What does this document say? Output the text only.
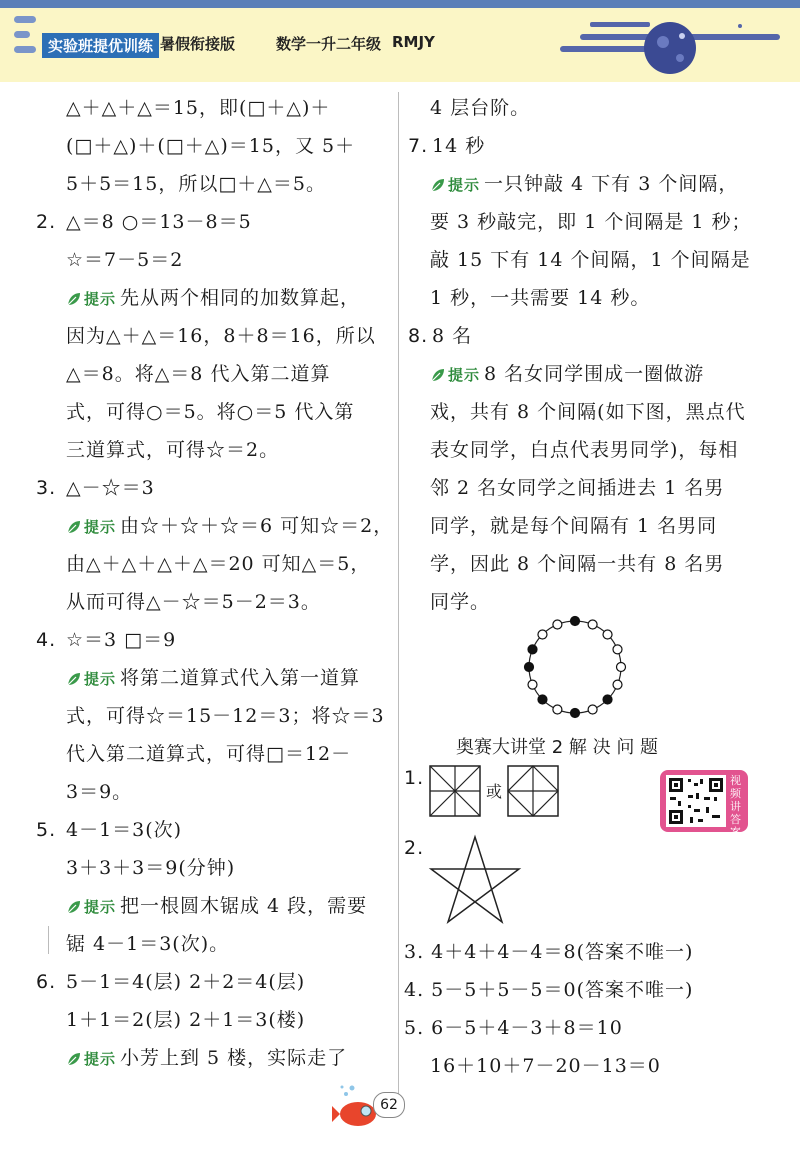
实验班提优训练 暑假衔接版	数学一升二年级 RMJY
△＋△＋△＝15，即(□＋△)＋
(□＋△)＋(□＋△)＝15，又 5＋
5＋5＝15，所以□＋△＝5。
2. △＝8 ○＝13－8＝5
☆＝7－5＝2
提示 先从两个相同的加数算起，
因为△＋△＝16，8＋8＝16，所以
△＝8。将△＝8 代入第二道算
式，可得○＝5。将○＝5 代入第
三道算式，可得☆＝2。
3. △－☆＝3
提示 由☆＋☆＋☆＝6 可知☆＝2，
由△＋△＋△＋△＝20 可知△＝5，
从而可得△－☆＝5－2＝3。
4. ☆＝3 □＝9
提示 将第二道算式代入第一道算
式，可得☆＝15－12＝3；将☆＝3
代入第二道算式，可得□＝12－
3＝9。
5. 4－1＝3(次)
3＋3＋3＝9(分钟)
提示 把一根圆木锯成 4 段，需要
锯 4－1＝3(次)。
6. 5－1＝4(层) 2＋2＝4(层)
1＋1＝2(层) 2＋1＝3(楼)
提示 小芳上到 5 楼，实际走了
4 层台阶。
7. 14 秒
提示 一只钟敲 4 下有 3 个间隔，
要 3 秒敲完，即 1 个间隔是 1 秒；
敲 15 下有 14 个间隔，1 个间隔是
1 秒，一共需要 14 秒。
8. 8 名
提示 8 名女同学围成一圈做游
戏，共有 8 个间隔(如下图，黑点代
表女同学，白点代表男同学)，每相
邻 2 名女同学之间插进去 1 名男
同学，就是每个间隔有 1 名男同
学，因此 8 个间隔一共有 8 名男
同学。
奥赛大讲堂 2 解 决 问 题
1.
或
视频讲答案
2.
3. 4＋4＋4－4＝8(答案不唯一)
4. 5－5＋5－5＝0(答案不唯一)
5. 6－5＋4－3＋8＝10
16＋10＋7－20－13＝0
62
